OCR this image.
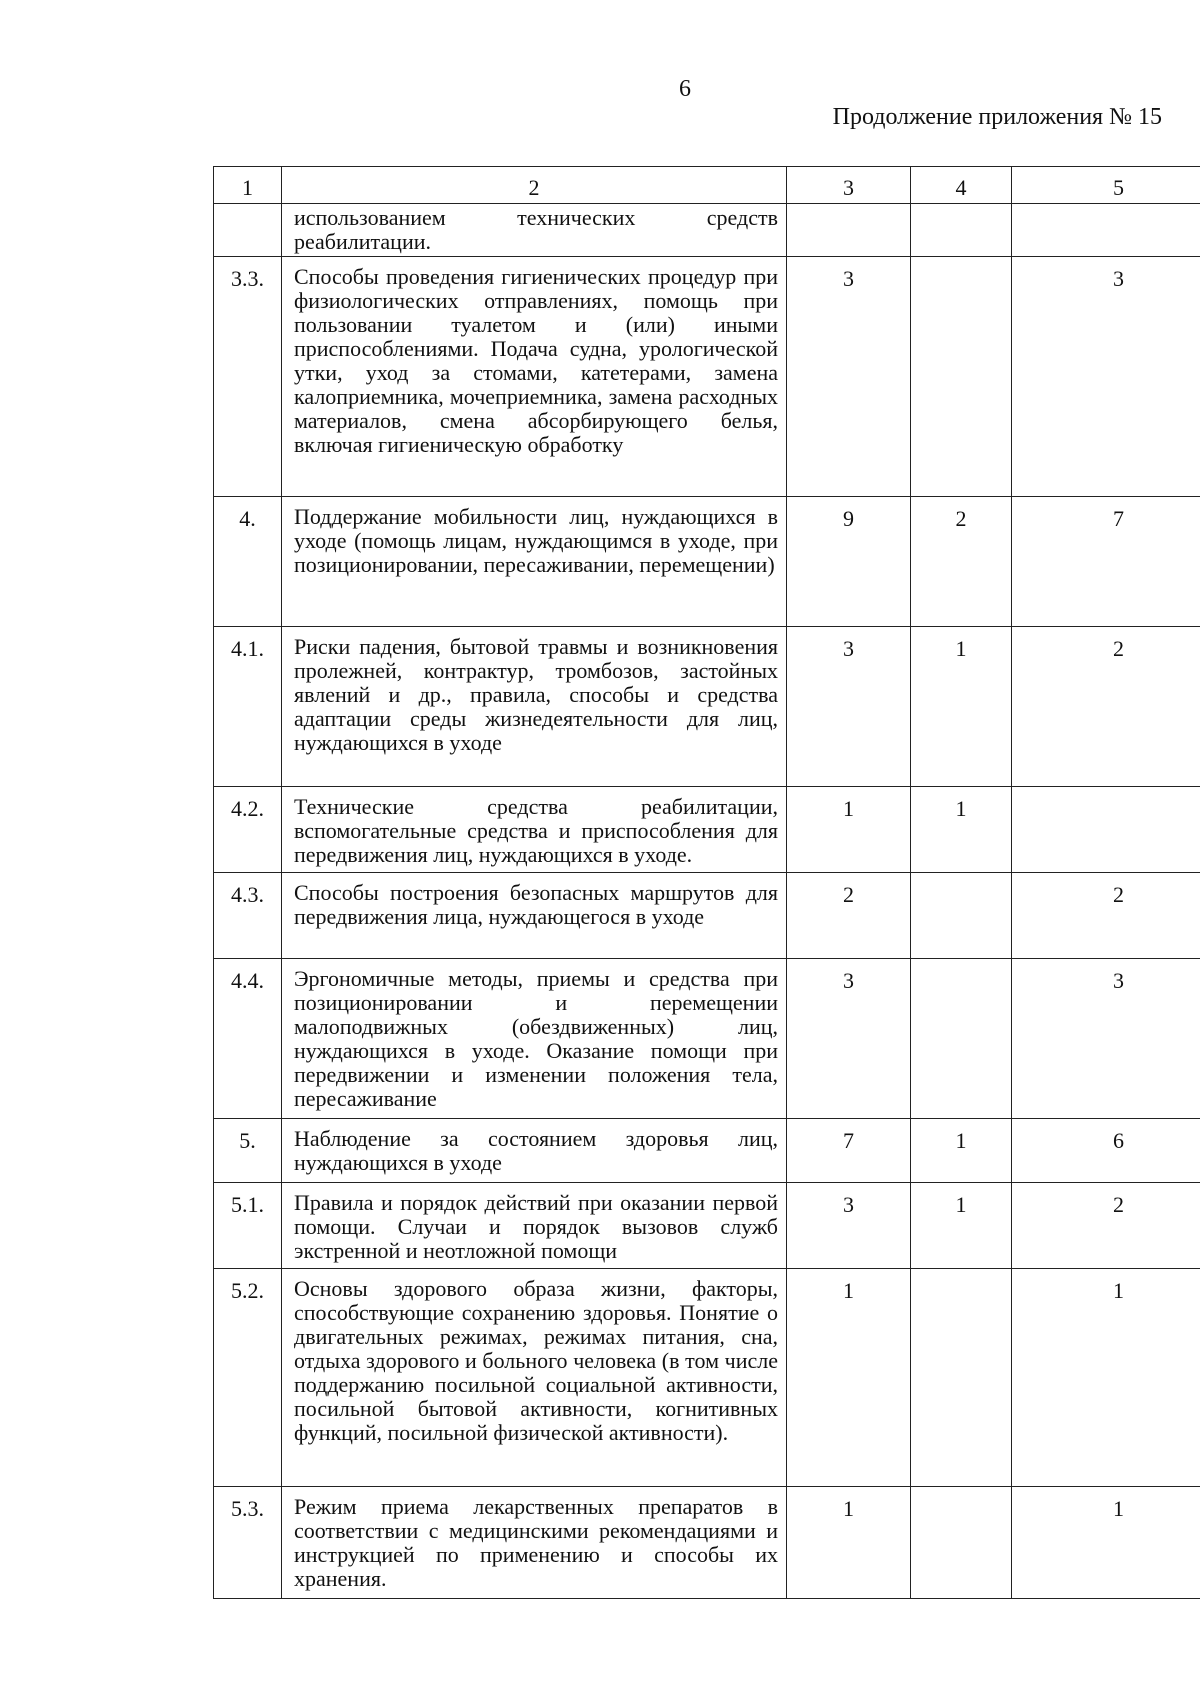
6
Продолжение приложения № 15
1	2	3	4	5
	использованием технических средств реабилитации.			
3.3.	Способы проведения гигиенических процедур при физиологических отправлениях, помощь при пользовании туалетом и (или) иными приспособлениями. Подача судна, урологической утки, уход за стомами, катетерами, замена калоприемника, мочеприемника, замена расходных материалов, смена абсорбирующего белья, включая гигиеническую обработку	3		3
4.	Поддержание мобильности лиц, нуждающихся в уходе (помощь лицам, нуждающимся в уходе, при позиционировании, пересаживании, перемещении)	9	2	7
4.1.	Риски падения, бытовой травмы и возникновения пролежней, контрактур, тромбозов, застойных явлений и др., правила, способы и средства адаптации среды жизнедеятельности для лиц, нуждающихся в уходе	3	1	2
4.2.	Технические средства реабилитации, вспомогательные средства и приспособления для передвижения лиц, нуждающихся в уходе.	1	1	
4.3.	Способы построения безопасных маршрутов для передвижения лица, нуждающегося в уходе	2		2
4.4.	Эргономичные методы, приемы и средства при позиционировании и перемещении малоподвижных (обездвиженных) лиц, нуждающихся в уходе. Оказание помощи при передвижении и изменении положения тела, пересаживание	3		3
5.	Наблюдение за состоянием здоровья лиц, нуждающихся в уходе	7	1	6
5.1.	Правила и порядок действий при оказании первой помощи. Случаи и порядок вызовов служб экстренной и неотложной помощи	3	1	2
5.2.	Основы здорового образа жизни, факторы, способствующие сохранению здоровья. Понятие о двигательных режимах, режимах питания, сна, отдыха здорового и больного человека (в том числе поддержанию посильной социальной активности, посильной бытовой активности, когнитивных функций, посильной физической активности).	1		1
5.3.	Режим приема лекарственных препаратов в соответствии с медицинскими рекомендациями и инструкцией по применению и способы их хранения.	1		1
